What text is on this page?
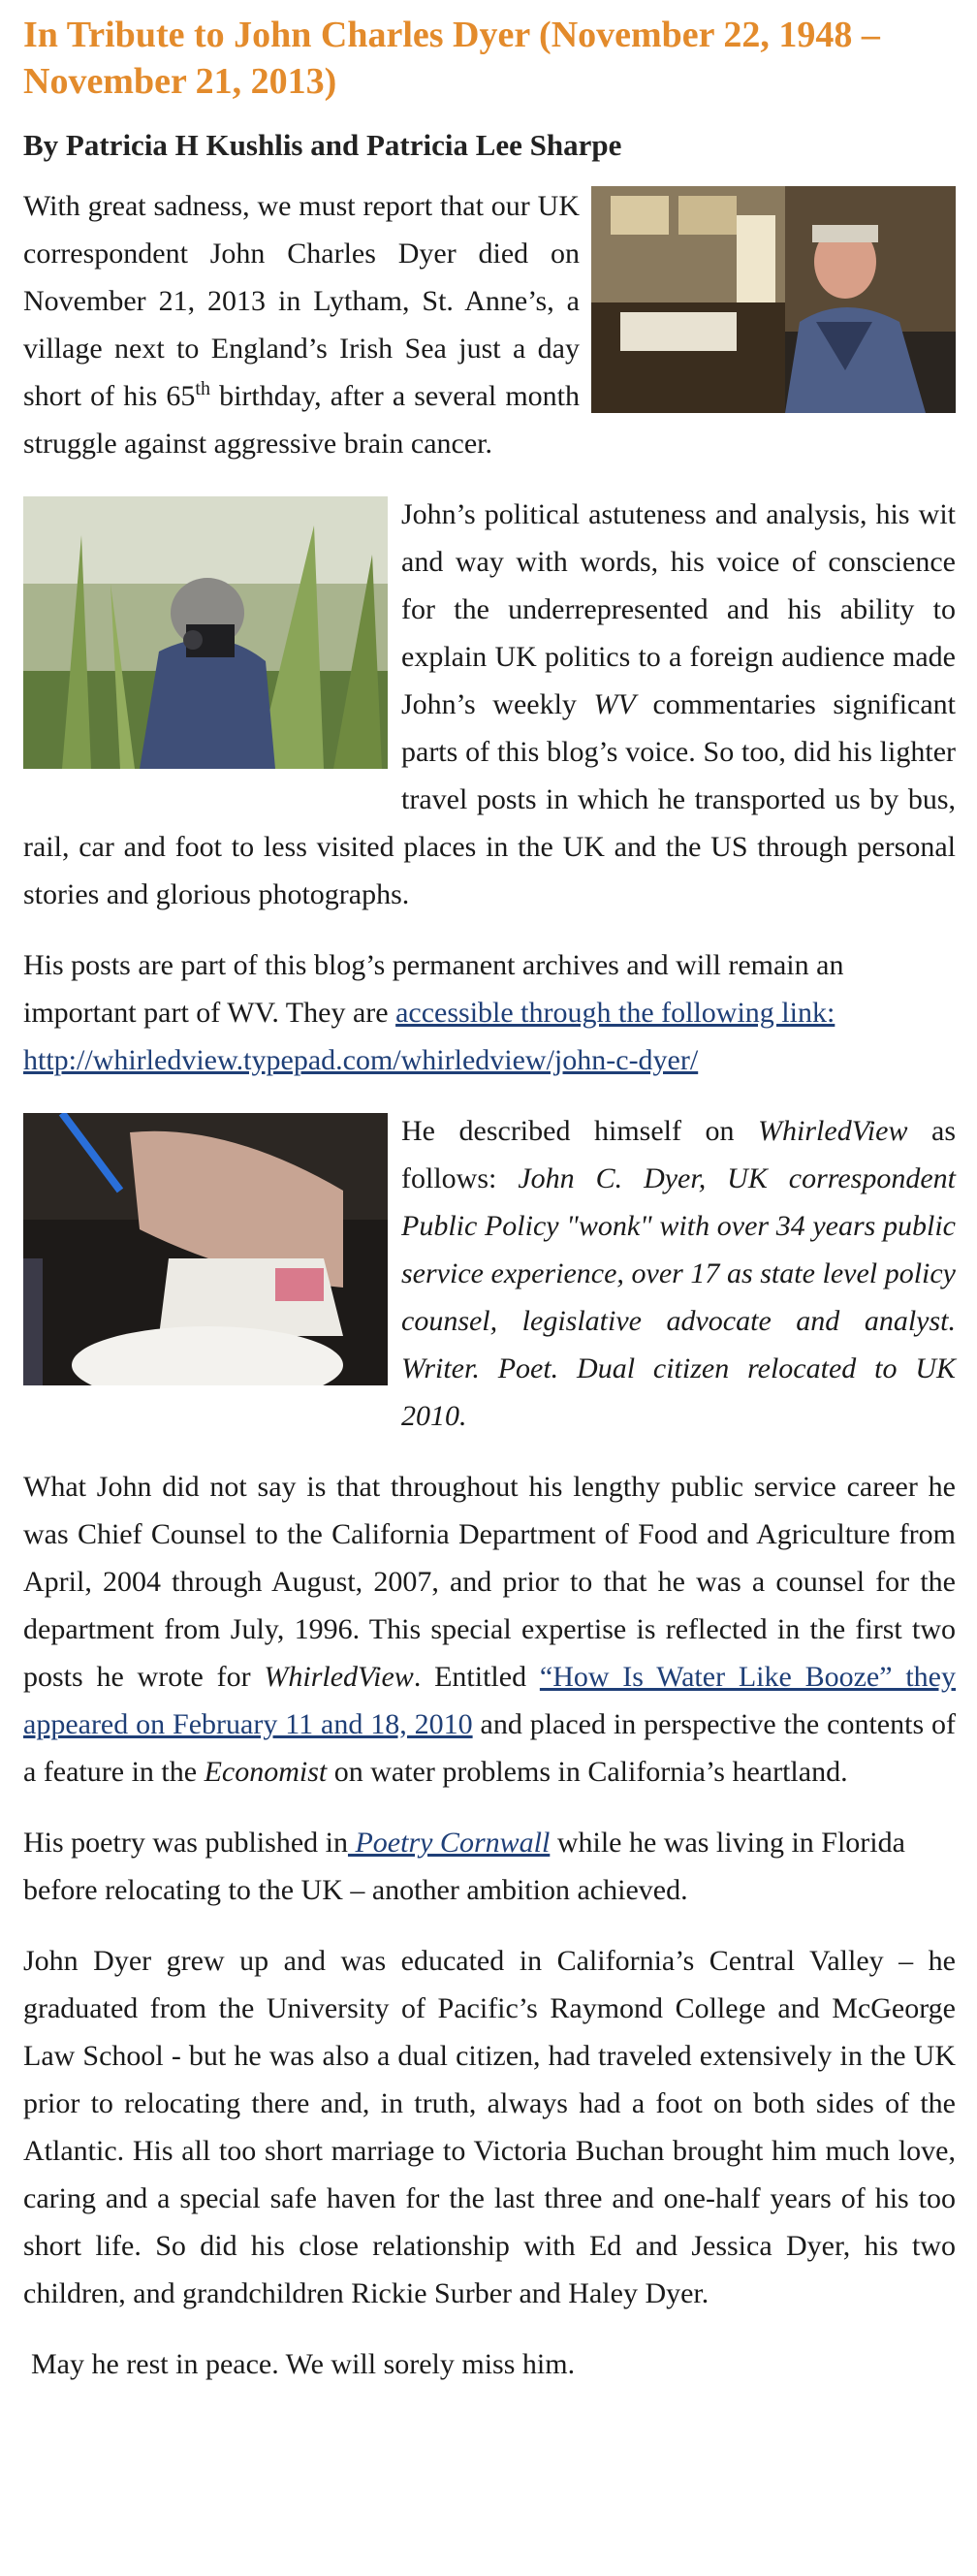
In Tribute to John Charles Dyer (November 22, 1948 – November 21, 2013)
By Patricia H Kushlis and Patricia Lee Sharpe

With great sadness, we must report that our UK correspondent John Charles Dyer died on November 21, 2013 in Lytham, St. Anne’s, a village next to England’s Irish Sea just a day short of his 65th birthday, after a several month struggle against aggressive brain cancer.

John’s political astuteness and analysis, his wit and way with words, his voice of conscience for the underrepresented and his ability to explain UK politics to a foreign audience made John’s weekly WV commentaries significant parts of this blog’s voice. So too, did his lighter travel posts in which he transported us by bus, rail, car and foot to less visited places in the UK and the US through personal stories and glorious photographs.

His posts are part of this blog’s permanent archives and will remain an important part of WV. They are accessible through the following link: http://whirledview.typepad.com/whirledview/john-c-dyer/

He described himself on WhirledView as follows: John C. Dyer, UK correspondent Public Policy "wonk" with over 34 years public service experience, over 17 as state level policy counsel, legislative advocate and analyst. Writer. Poet. Dual citizen relocated to UK 2010.

What John did not say is that throughout his lengthy public service career he was Chief Counsel to the California Department of Food and Agriculture from April, 2004 through August, 2007, and prior to that he was a counsel for the department from July, 1996. This special expertise is reflected in the first two posts he wrote for WhirledView. Entitled “How Is Water Like Booze” they appeared on February 11 and 18, 2010 and placed in perspective the contents of a feature in the Economist on water problems in California’s heartland.

His poetry was published in Poetry Cornwall while he was living in Florida before relocating to the UK – another ambition achieved.

John Dyer grew up and was educated in California’s Central Valley – he graduated from the University of Pacific’s Raymond College and McGeorge Law School - but he was also a dual citizen, had traveled extensively in the UK prior to relocating there and, in truth, always had a foot on both sides of the Atlantic. His all too short marriage to Victoria Buchan brought him much love, caring and a special safe haven for the last three and one-half years of his too short life. So did his close relationship with Ed and Jessica Dyer, his two children, and grandchildren Rickie Surber and Haley Dyer.

May he rest in peace. We will sorely miss him.
